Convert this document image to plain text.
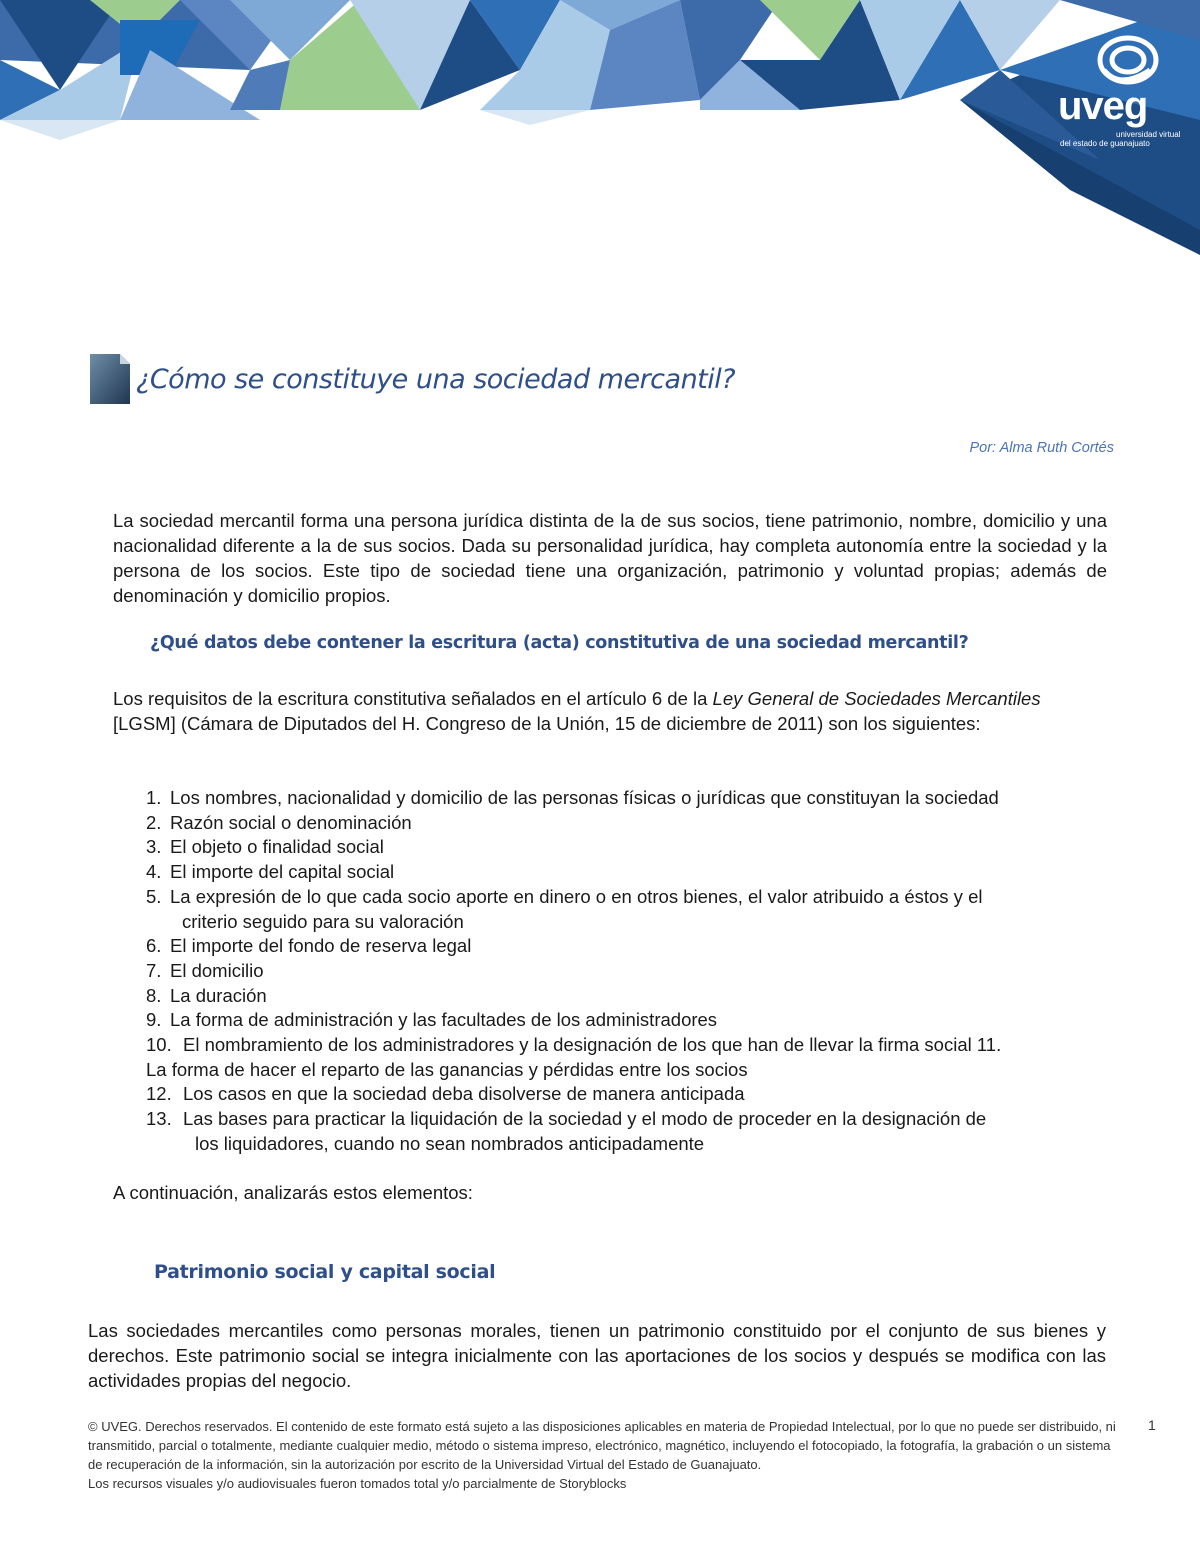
uveg
universidad virtual
del estado de guanajuato
¿Cómo se constituye una sociedad mercantil?
Por: Alma Ruth Cortés

La sociedad mercantil forma una persona jurídica distinta de la de sus socios, tiene patrimonio, nombre, domicilio y una nacionalidad diferente a la de sus socios. Dada su personalidad jurídica, hay completa autonomía entre la sociedad y la persona de los socios. Este tipo de sociedad tiene una organización, patrimonio y voluntad propias; además de denominación y domicilio propios.

¿Qué datos debe contener la escritura (acta) constitutiva de una sociedad mercantil?

Los requisitos de la escritura constitutiva señalados en el artículo 6 de la Ley General de Sociedades Mercantiles [LGSM] (Cámara de Diputados del H. Congreso de la Unión, 15 de diciembre de 2011) son los siguientes:

1. Los nombres, nacionalidad y domicilio de las personas físicas o jurídicas que constituyan la sociedad
2. Razón social o denominación
3. El objeto o finalidad social
4. El importe del capital social
5. La expresión de lo que cada socio aporte en dinero o en otros bienes, el valor atribuido a éstos y el
criterio seguido para su valoración
6. El importe del fondo de reserva legal
7. El domicilio
8. La duración
9. La forma de administración y las facultades de los administradores
10. El nombramiento de los administradores y la designación de los que han de llevar la firma social 11.
La forma de hacer el reparto de las ganancias y pérdidas entre los socios
12. Los casos en que la sociedad deba disolverse de manera anticipada
13. Las bases para practicar la liquidación de la sociedad y el modo de proceder en la designación de
los liquidadores, cuando no sean nombrados anticipadamente
A continuación, analizarás estos elementos:
Patrimonio social y capital social

Las sociedades mercantiles como personas morales, tienen un patrimonio constituido por el conjunto de sus bienes y derechos. Este patrimonio social se integra inicialmente con las aportaciones de los socios y después se modifica con las actividades propias del negocio.

© UVEG. Derechos reservados. El contenido de este formato está sujeto a las disposiciones aplicables en materia de Propiedad Intelectual, por lo que no puede ser distribuido, ni transmitido, parcial o totalmente, mediante cualquier medio, método o sistema impreso, electrónico, magnético, incluyendo el fotocopiado, la fotografía, la grabación o un sistema de recuperación de la información, sin la autorización por escrito de la Universidad Virtual del Estado de Guanajuato.
Los recursos visuales y/o audiovisuales fueron tomados total y/o parcialmente de Storyblocks
1
